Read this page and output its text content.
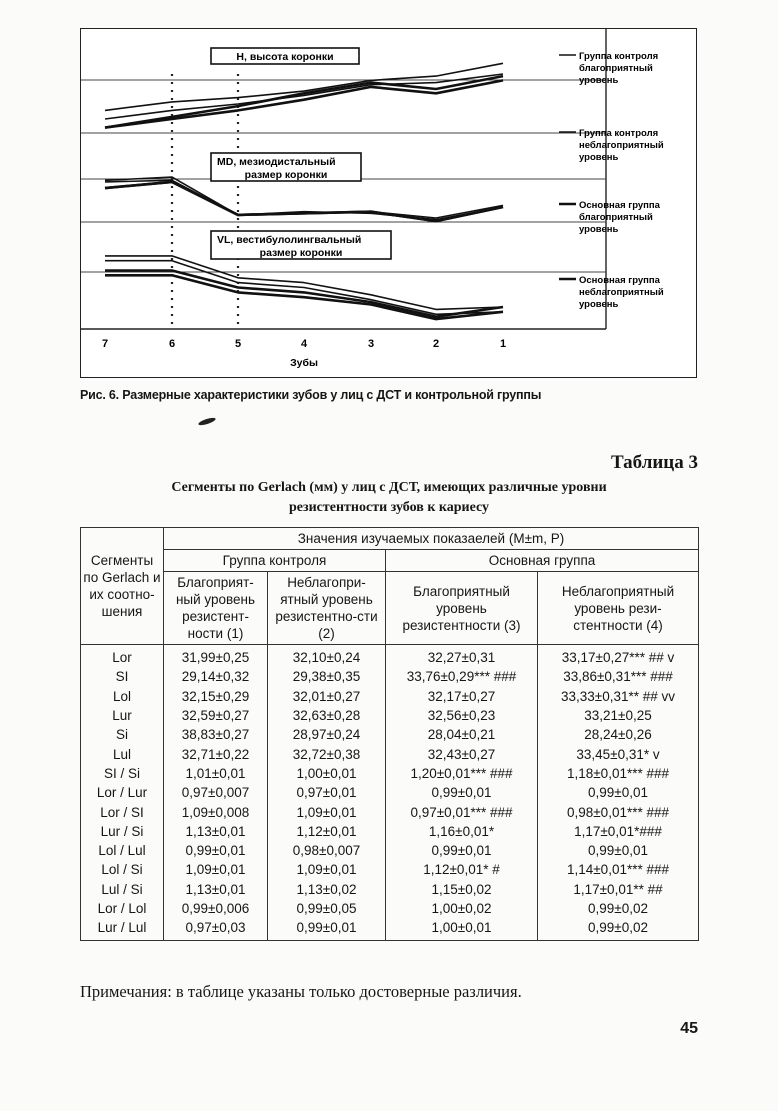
H, высота коронки
MD, мезиодистальный
размер коронки
VL, вестибулолингвальный
размер коронки
7	6	5	4	3	2	1
Зубы
Группа контроля
благоприятный
уровень
Группа контроля
неблагоприятный
уровень
Основная группа
благоприятный
уровень
Основная группа
неблагоприятный
уровень
Рис. 6. Размерные характеристики зубов у лиц с ДСТ и контрольной группы
Таблица 3
Сегменты по Gerlach (мм) у лиц с ДСТ, имеющих различные уровни
резистентности зубов к кариесу
Сегменты по Gerlach и их соотно-шения	Значения изучаемых показаелей (M±m, P)			
	Группа контроля		Основная группа	
	Благоприят-ный уровень резистент-ности (1)	Неблагопри-ятный уровень резистентно-сти (2)	Благоприятный уровень резистентности (3)	Неблагоприятный уровень рези-стентности (4)
Lor	31,99±0,25	32,10±0,24	32,27±0,31	33,17±0,27*** ## v
SI	29,14±0,32	29,38±0,35	33,76±0,29*** ###	33,86±0,31*** ###
Lol	32,15±0,29	32,01±0,27	32,17±0,27	33,33±0,31** ## vv
Lur	32,59±0,27	32,63±0,28	32,56±0,23	33,21±0,25
Si	38,83±0,27	28,97±0,24	28,04±0,21	28,24±0,26
Lul	32,71±0,22	32,72±0,38	32,43±0,27	33,45±0,31* v
SI / Si	1,01±0,01	1,00±0,01	1,20±0,01*** ###	1,18±0,01*** ###
Lor / Lur	0,97±0,007	0,97±0,01	0,99±0,01	0,99±0,01
Lor / SI	1,09±0,008	1,09±0,01	0,97±0,01*** ###	0,98±0,01*** ###
Lur / Si	1,13±0,01	1,12±0,01	1,16±0,01*	1,17±0,01*###
Lol / Lul	0,99±0,01	0,98±0,007	0,99±0,01	0,99±0,01
Lol / Si	1,09±0,01	1,09±0,01	1,12±0,01* #	1,14±0,01*** ###
Lul / Si	1,13±0,01	1,13±0,02	1,15±0,02	1,17±0,01** ##
Lor / Lol	0,99±0,006	0,99±0,05	1,00±0,02	0,99±0,02
Lur / Lul	0,97±0,03	0,99±0,01	1,00±0,01	0,99±0,02
Примечания: в таблице указаны только достоверные различия.
45
